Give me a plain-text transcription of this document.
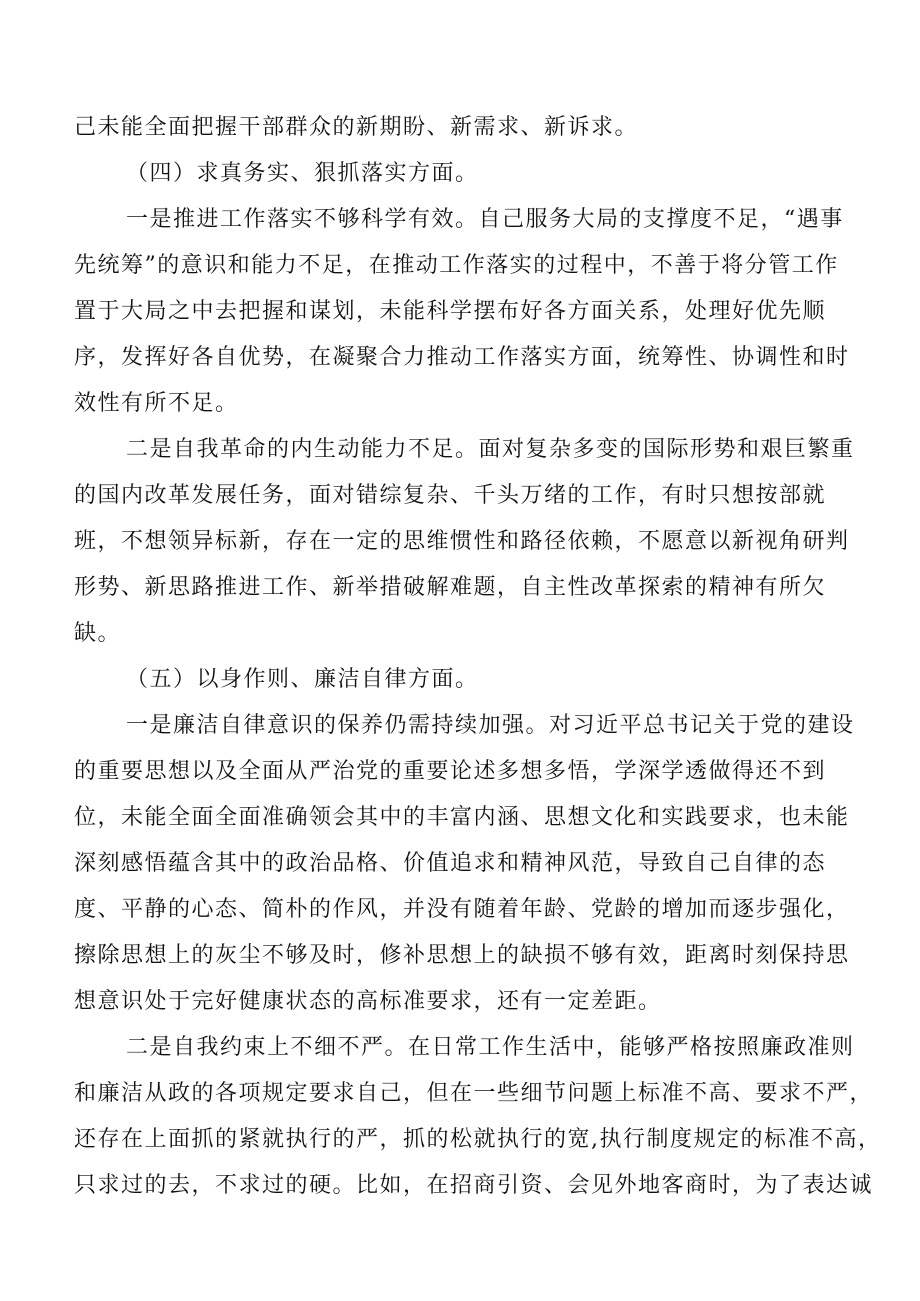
己未能全面把握干部群众的新期盼、新需求、新诉求。
（四）求真务实、狠抓落实方面。
一是推进工作落实不够科学有效。自己服务大局的支撑度不足，“遇事
先统筹”的意识和能力不足，在推动工作落实的过程中，不善于将分管工作
置于大局之中去把握和谋划，未能科学摆布好各方面关系，处理好优先顺
序，发挥好各自优势，在凝聚合力推动工作落实方面，统筹性、协调性和时
效性有所不足。
二是自我革命的内生动能力不足。面对复杂多变的国际形势和艰巨繁重
的国内改革发展任务，面对错综复杂、千头万绪的工作，有时只想按部就
班，不想领异标新，存在一定的思维惯性和路径依赖，不愿意以新视角研判
形势、新思路推进工作、新举措破解难题，自主性改革探索的精神有所欠
缺。
（五）以身作则、廉洁自律方面。
一是廉洁自律意识的保养仍需持续加强。对习近平总书记关于党的建设
的重要思想以及全面从严治党的重要论述多想多悟，学深学透做得还不到
位，未能全面全面准确领会其中的丰富内涵、思想文化和实践要求，也未能
深刻感悟蕴含其中的政治品格、价值追求和精神风范，导致自己自律的态
度、平静的心态、简朴的作风，并没有随着年龄、党龄的增加而逐步强化，
擦除思想上的灰尘不够及时，修补思想上的缺损不够有效，距离时刻保持思
想意识处于完好健康状态的高标准要求，还有一定差距。
二是自我约束上不细不严。在日常工作生活中，能够严格按照廉政准则
和廉洁从政的各项规定要求自己，但在一些细节问题上标准不高、要求不严，
还存在上面抓的紧就执行的严，抓的松就执行的宽,执行制度规定的标准不高，
只求过的去，不求过的硬。比如，在招商引资、会见外地客商时，为了表达诚
